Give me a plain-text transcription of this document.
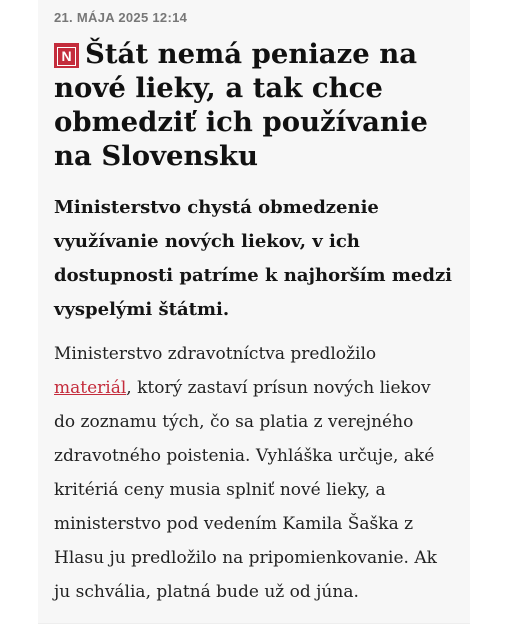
21. MÁJA 2025 12:14
N Štát nemá peniaze na nové lieky, a tak chce obmedziť ich používanie na Slovensku

Ministerstvo chystá obmedzenie využívanie nových liekov, v ich dostupnosti patríme k najhorším medzi vyspelými štátmi.

Ministerstvo zdravotníctva predložilo materiál, ktorý zastaví prísun nových liekov do zoznamu tých, čo sa platia z verejného zdravotného poistenia. Vyhláška určuje, aké kritériá ceny musia splniť nové lieky, a ministerstvo pod vedením Kamila Šaška z Hlasu ju predložilo na pripomienkovanie. Ak ju schvália, platná bude už od júna.
